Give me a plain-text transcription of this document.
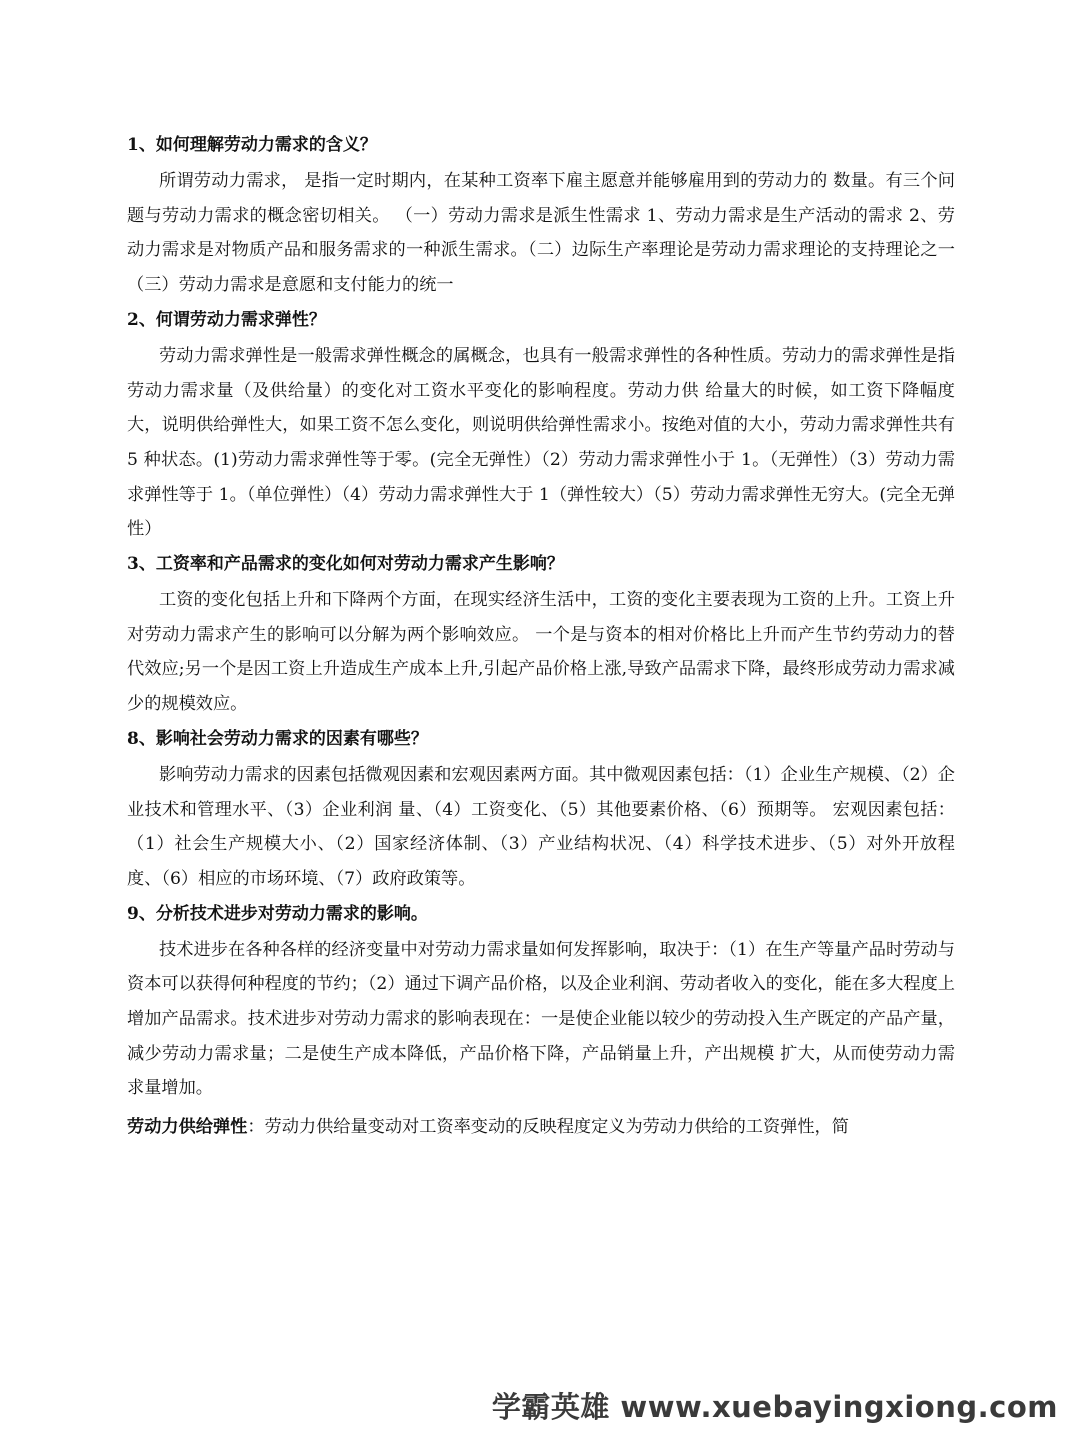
1、如何理解劳动力需求的含义？

所谓劳动力需求， 是指一定时期内，在某种工资率下雇主愿意并能够雇用到的劳动力的 数量。有三个问题与劳动力需求的概念密切相关。 （一）劳动力需求是派生性需求 1、劳动力需求是生产活动的需求 2、劳动力需求是对物质产品和服务需求的一种派生需求。（二）边际生产率理论是劳动力需求理论的支持理论之一（三）劳动力需求是意愿和支付能力的统一

2、何谓劳动力需求弹性？

劳动力需求弹性是一般需求弹性概念的属概念，也具有一般需求弹性的各种性质。劳动力的需求弹性是指劳动力需求量（及供给量）的变化对工资水平变化的影响程度。劳动力供 给量大的时候，如工资下降幅度大，说明供给弹性大，如果工资不怎么变化，则说明供给弹性需求小。按绝对值的大小，劳动力需求弹性共有 5 种状态。(1)劳动力需求弹性等于零。(完全无弹性）（2）劳动力需求弹性小于 1。（无弹性）（3）劳动力需求弹性等于 1。（单位弹性）（4）劳动力需求弹性大于 1（弹性较大）（5）劳动力需求弹性无穷大。(完全无弹性）

3、工资率和产品需求的变化如何对劳动力需求产生影响？

工资的变化包括上升和下降两个方面，在现实经济生活中，工资的变化主要表现为工资的上升。工资上升对劳动力需求产生的影响可以分解为两个影响效应。 一个是与资本的相对价格比上升而产生节约劳动力的替代效应;另一个是因工资上升造成生产成本上升,引起产品价格上涨,导致产品需求下降，最终形成劳动力需求减少的规模效应。

8、影响社会劳动力需求的因素有哪些？

影响劳动力需求的因素包括微观因素和宏观因素两方面。其中微观因素包括：（1）企业生产规模、（2）企业技术和管理水平、（3）企业利润 量、（4）工资变化、（5）其他要素价格、（6）预期等。 宏观因素包括：（1）社会生产规模大小、（2）国家经济体制、（3）产业结构状况、（4）科学技术进步、（5）对外开放程度、（6）相应的市场环境、（7）政府政策等。

9、分析技术进步对劳动力需求的影响。

技术进步在各种各样的经济变量中对劳动力需求量如何发挥影响，取决于：（1）在生产等量产品时劳动与资本可以获得何种程度的节约；（2）通过下调产品价格，以及企业利润、劳动者收入的变化，能在多大程度上增加产品需求。技术进步对劳动力需求的影响表现在：一是使企业能以较少的劳动投入生产既定的产品产量，减少劳动力需求量；二是使生产成本降低，产品价格下降，产品销量上升，产出规模 扩大，从而使劳动力需求量增加。

劳动力供给弹性：劳动力供给量变动对工资率变动的反映程度定义为劳动力供给的工资弹性，简

学霸英雄 www.xuebayingxiong.com
